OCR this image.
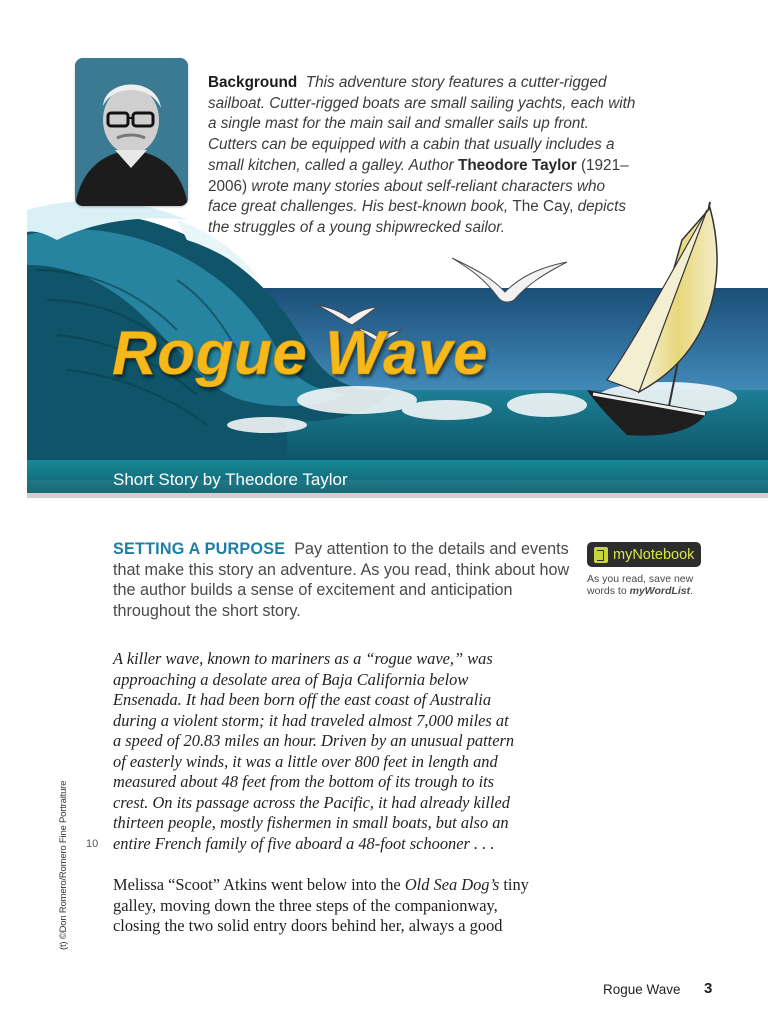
Background This adventure story features a cutter-rigged sailboat. Cutter-rigged boats are small sailing yachts, each with a single mast for the main sail and smaller sails up front. Cutters can be equipped with a cabin that usually includes a small kitchen, called a galley. Author Theodore Taylor (1921–2006) wrote many stories about self-reliant characters who face great challenges. His best-known book, The Cay, depicts the struggles of a young shipwrecked sailor.
Rogue Wave
Short Story by Theodore Taylor
SETTING A PURPOSE Pay attention to the details and events that make this story an adventure. As you read, think about how the author builds a sense of excitement and anticipation throughout the short story.
myNotebook
As you read, save new words to myWordList.
A killer wave, known to mariners as a “rogue wave,” was
approaching a desolate area of Baja California below
Ensenada. It had been born off the east coast of Australia
during a violent storm; it had traveled almost 7,000 miles at
a speed of 20.83 miles an hour. Driven by an unusual pattern
of easterly winds, it was a little over 800 feet in length and
measured about 48 feet from the bottom of its trough to its
crest. On its passage across the Pacific, it had already killed
thirteen people, mostly fishermen in small boats, but also an
entire French family of five aboard a 48-foot schooner . . .
10
Melissa “Scoot” Atkins went below into the Old Sea Dog’s tiny
galley, moving down the three steps of the companionway,
closing the two solid entry doors behind her, always a good
(t) ©Don Romero/Romero Fine Portraiture
Rogue Wave 3
